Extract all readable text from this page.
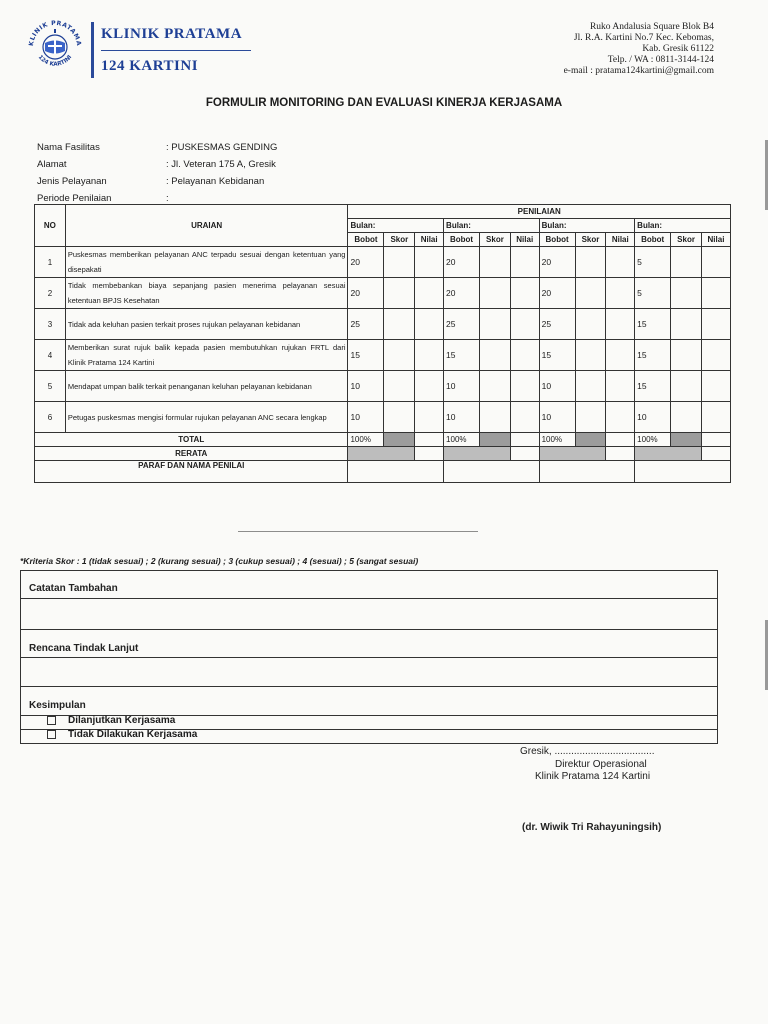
KLINIK PRATAMA
124 KARTINI
KLINIK PRATAMA
124 KARTINI
Ruko Andalusia Square Blok B4
Jl. R.A. Kartini No.7 Kec. Kebomas,
Kab. Gresik 61122
Telp. / WA : 0811-3144-124
e-mail : pratama124kartini@gmail.com
FORMULIR MONITORING DAN EVALUASI KINERJA KERJASAMA
Nama Fasilitas	: PUSKESMAS GENDING
Alamat	: Jl. Veteran 175 A, Gresik
Jenis Pelayanan	: Pelayanan Kebidanan
Periode Penilaian	:
NO	URAIAN	PENILAIAN											
		Bulan:			Bulan:			Bulan:			Bulan:		
		Bobot	Skor	Nilai	Bobot	Skor	Nilai	Bobot	Skor	Nilai	Bobot	Skor	Nilai
1	Puskesmas memberikan pelayanan ANC terpadu sesuai dengan ketentuan yang disepakati	20			20			20			5		
2	Tidak membebankan biaya sepanjang pasien menerima pelayanan sesuai ketentuan BPJS Kesehatan	20			20			20			5		
3	Tidak ada keluhan pasien terkait proses rujukan pelayanan kebidanan	25			25			25			15		
4	Memberikan surat rujuk balik kepada pasien membutuhkan rujukan FRTL dari Klinik Pratama 124 Kartini	15			15			15			15		
5	Mendapat umpan balik terkait penanganan keluhan pelayanan kebidanan	10			10			10			15		
6	Petugas puskesmas mengisi formular rujukan pelayanan ANC secara lengkap	10			10			10			10		
TOTAL		100%			100%			100%			100%		
RERATA													
PARAF DAN NAMA PENILAI													
*Kriteria Skor : 1 (tidak sesuai) ; 2 (kurang sesuai) ; 3 (cukup sesuai) ; 4 (sesuai) ; 5 (sangat sesuai)
Catatan Tambahan
Rencana Tindak Lanjut
Kesimpulan
Dilanjutkan Kerjasama
Tidak Dilakukan Kerjasama
Gresik, ....................................
Direktur Operasional
Klinik Pratama 124 Kartini
(dr. Wiwik Tri Rahayuningsih)
